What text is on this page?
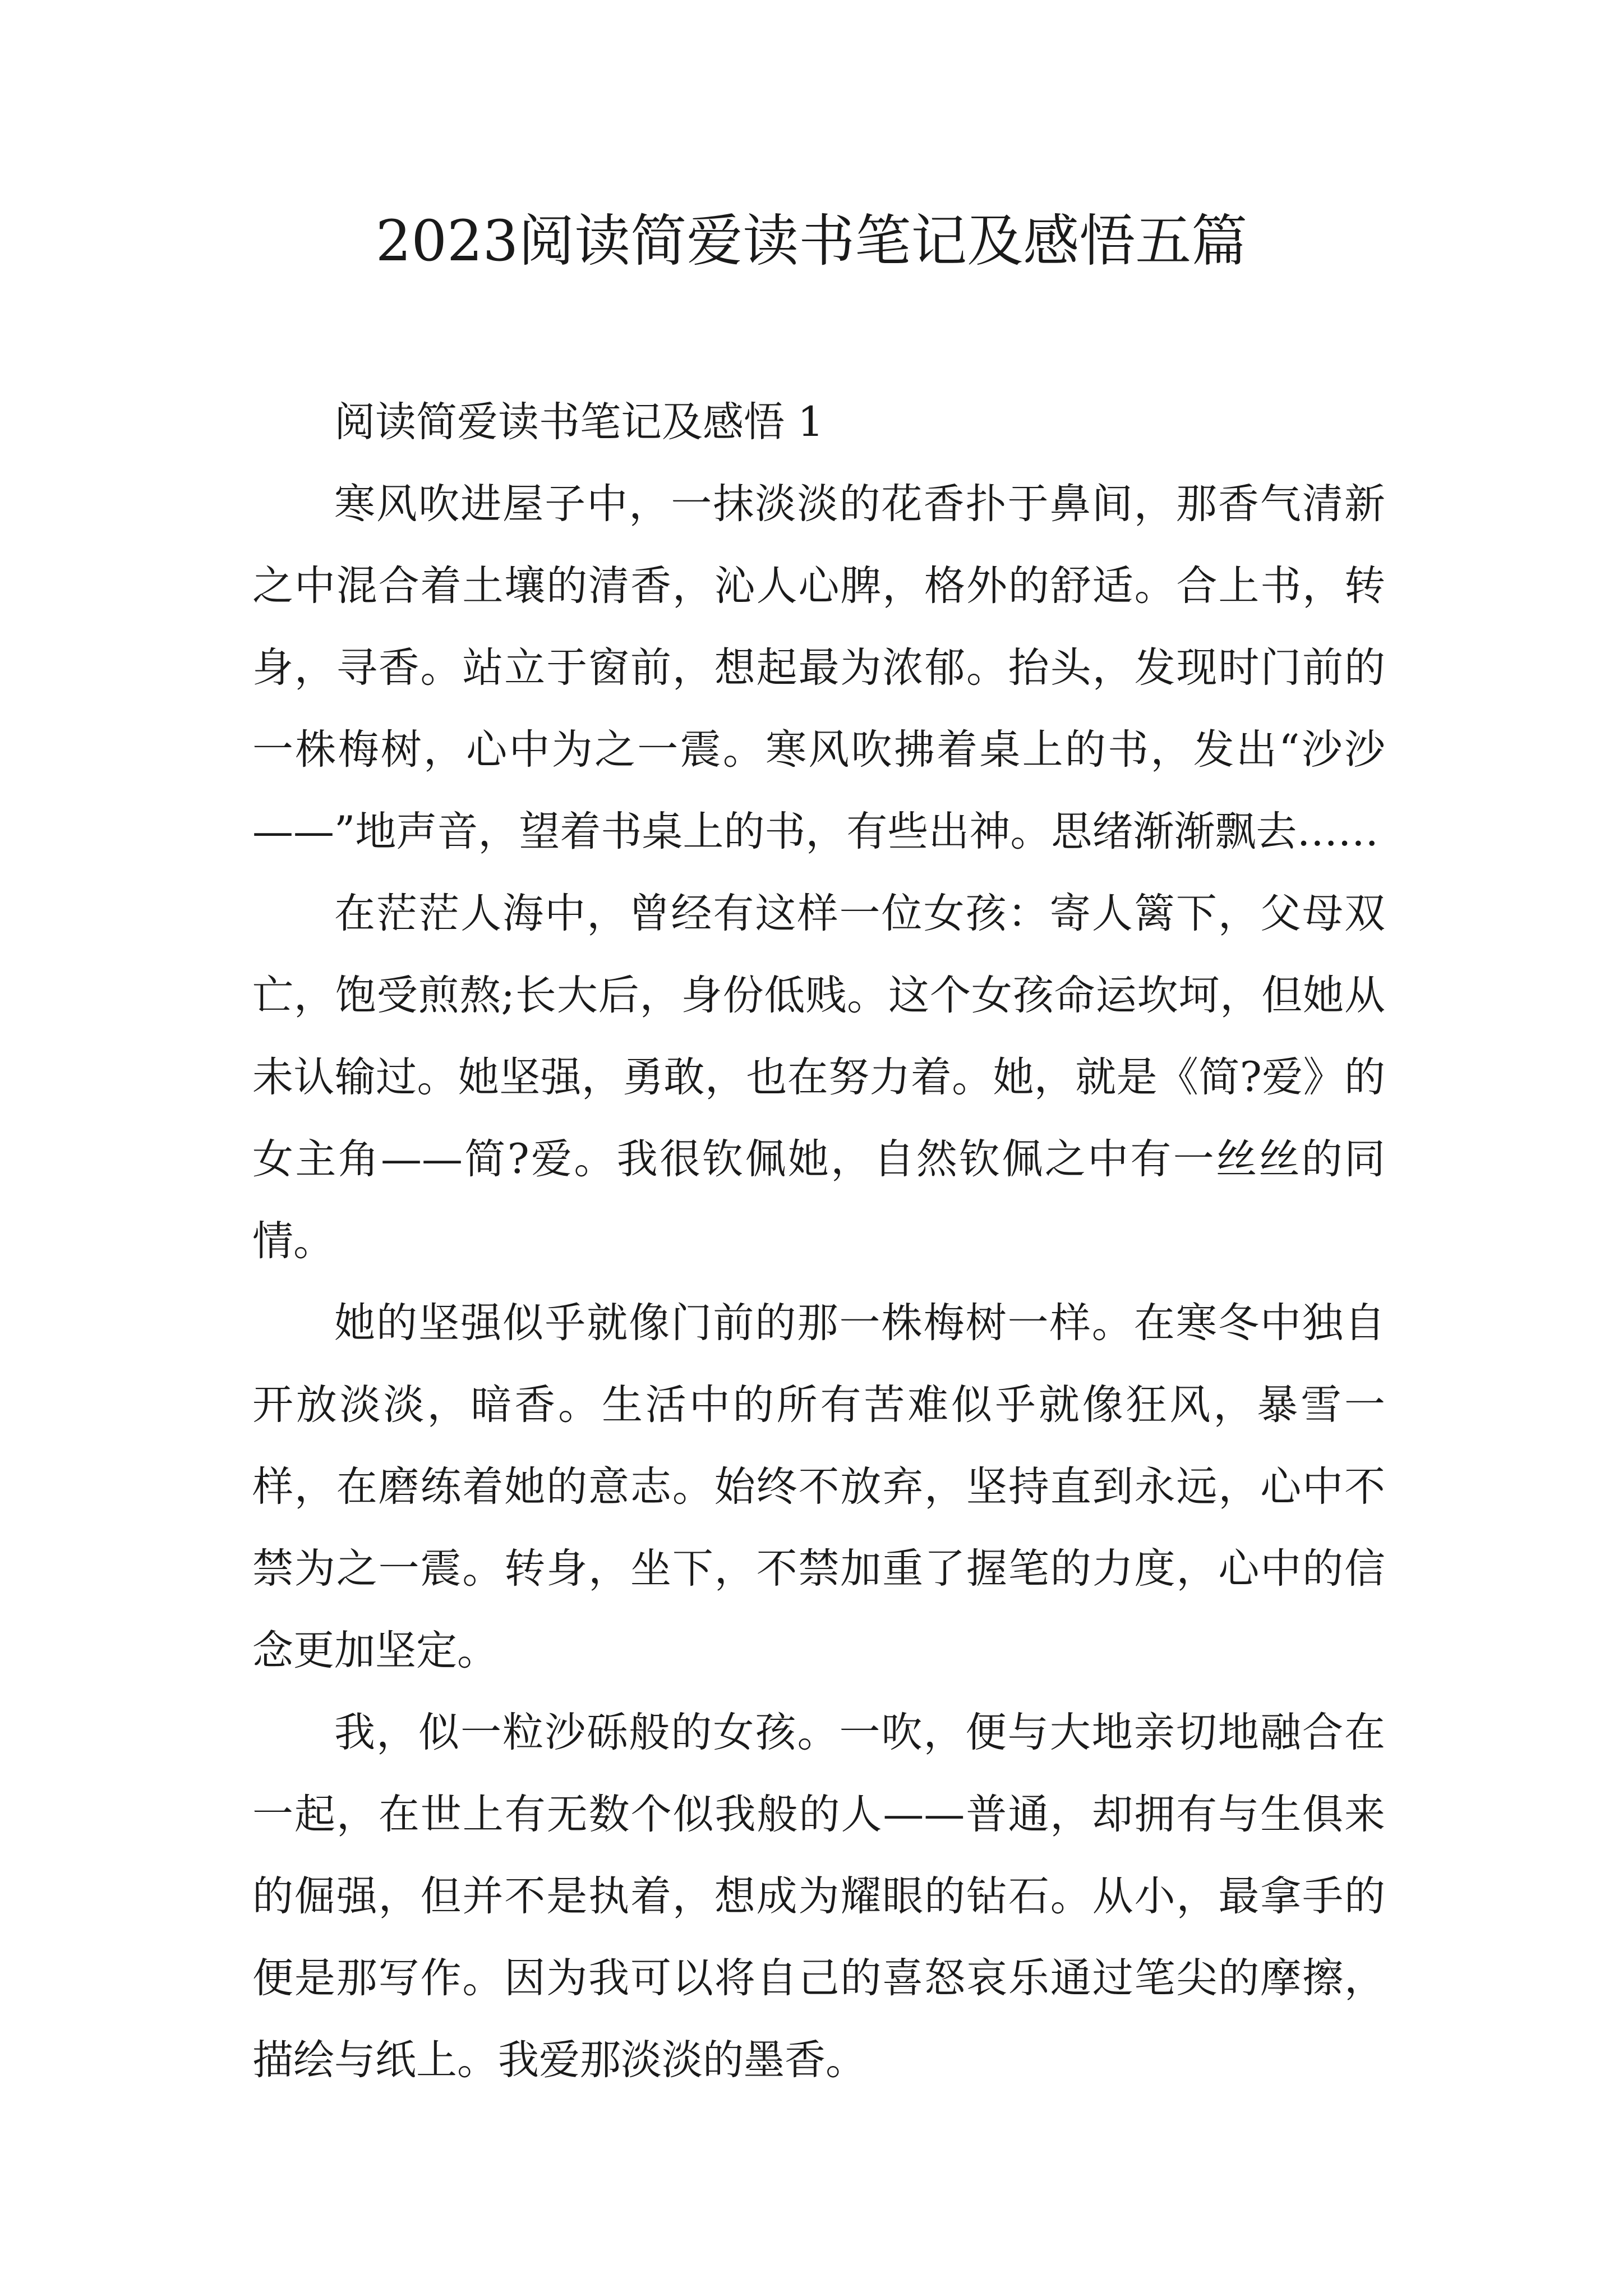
2023阅读简爱读书笔记及感悟五篇

阅读简爱读书笔记及感悟 1

寒风吹进屋子中，一抹淡淡的花香扑于鼻间，那香气清新之中混合着土壤的清香，沁人心脾，格外的舒适。合上书，转身，寻香。站立于窗前，想起最为浓郁。抬头，发现时门前的一株梅树，心中为之一震。寒风吹拂着桌上的书，发出“沙沙——”地声音，望着书桌上的书，有些出神。思绪渐渐飘去……

在茫茫人海中，曾经有这样一位女孩：寄人篱下，父母双亡，饱受煎熬;长大后，身份低贱。这个女孩命运坎坷，但她从未认输过。她坚强，勇敢，也在努力着。她，就是《简?爱》的女主角——简?爱。我很钦佩她，自然钦佩之中有一丝丝的同情。

她的坚强似乎就像门前的那一株梅树一样。在寒冬中独自开放淡淡，暗香。生活中的所有苦难似乎就像狂风，暴雪一样，在磨练着她的意志。始终不放弃，坚持直到永远，心中不禁为之一震。转身，坐下，不禁加重了握笔的力度，心中的信念更加坚定。

我，似一粒沙砾般的女孩。一吹，便与大地亲切地融合在一起，在世上有无数个似我般的人——普通，却拥有与生俱来的倔强，但并不是执着，想成为耀眼的钻石。从小，最拿手的便是那写作。因为我可以将自己的喜怒哀乐通过笔尖的摩擦，描绘与纸上。我爱那淡淡的墨香。
